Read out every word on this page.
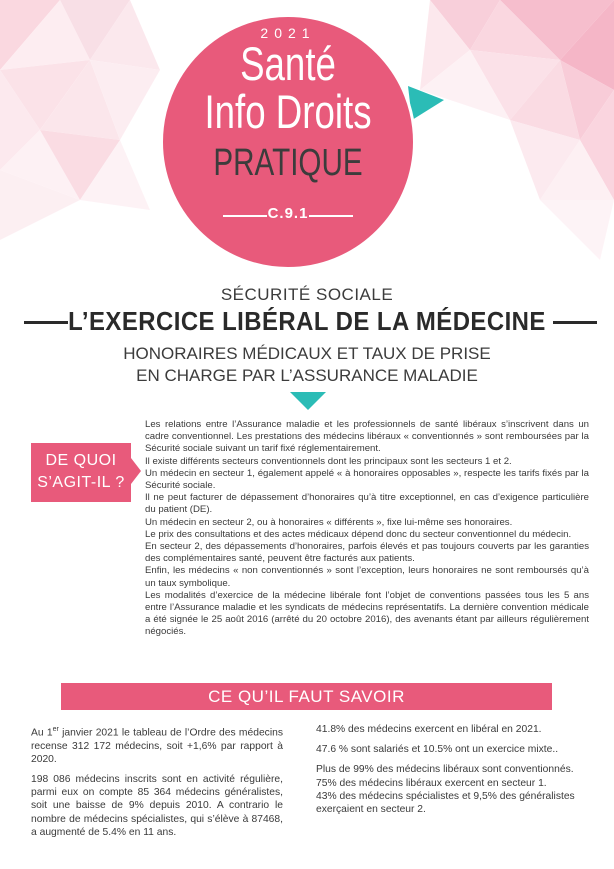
2021
Santé
Info Droits
PRATIQUE
C.9.1
SÉCURITÉ SOCIALE
L’EXERCICE LIBÉRAL DE LA MÉDECINE
HONORAIRES MÉDICAUX ET TAUX DE PRISE
EN CHARGE PAR L’ASSURANCE MALADIE
DE QUOI
S’AGIT-IL ?

Les relations entre l’Assurance maladie et les professionnels de santé libéraux s’inscrivent dans un cadre conventionnel. Les prestations des médecins libéraux « conventionnés » sont remboursées par la Sécurité sociale suivant un tarif fixé réglementairement.

Il existe différents secteurs conventionnels dont les principaux sont les secteurs 1 et 2.

Un médecin en secteur 1, également appelé « à honoraires opposables », respecte les tarifs fixés par la Sécurité sociale.

Il ne peut facturer de dépassement d’honoraires qu’à titre exceptionnel, en cas d’exigence particulière du patient (DE).

Un médecin en secteur 2, ou à honoraires « différents », fixe lui-même ses honoraires.

Le prix des consultations et des actes médicaux dépend donc du secteur conventionnel du médecin.

En secteur 2, des dépassements d’honoraires, parfois élevés et pas toujours couverts par les garanties des complémentaires santé, peuvent être facturés aux patients.

Enfin, les médecins « non conventionnés » sont l’exception, leurs honoraires ne sont remboursés qu’à un taux symbolique.

Les modalités d’exercice de la médecine libérale font l’objet de conventions passées tous les 5 ans entre l’Assurance maladie et les syndicats de médecins représentatifs. La dernière convention médicale a été signée le 25 août 2016 (arrêté du 20 octobre 2016), des avenants étant par ailleurs régulièrement négociés.

CE QU’IL FAUT SAVOIR

Au 1er janvier 2021 le tableau de l’Ordre des médecins recense 312 172 médecins, soit +1,6% par rapport à 2020.

198 086 médecins inscrits sont en activité régulière, parmi eux on compte 85 364 médecins généralistes, soit une baisse de 9% depuis 2010. A contrario le nombre de médecins spécialistes, qui s’élève à 87468, a augmenté de 5.4% en 11 ans.

41.8% des médecins exercent en libéral en 2021.

47.6 % sont salariés et 10.5% ont un exercice mixte..

Plus de 99% des médecins libéraux sont conventionnés.
75% des médecins libéraux exercent en secteur 1.
43% des médecins spécialistes et 9,5% des généralistes exerçaient en secteur 2.
